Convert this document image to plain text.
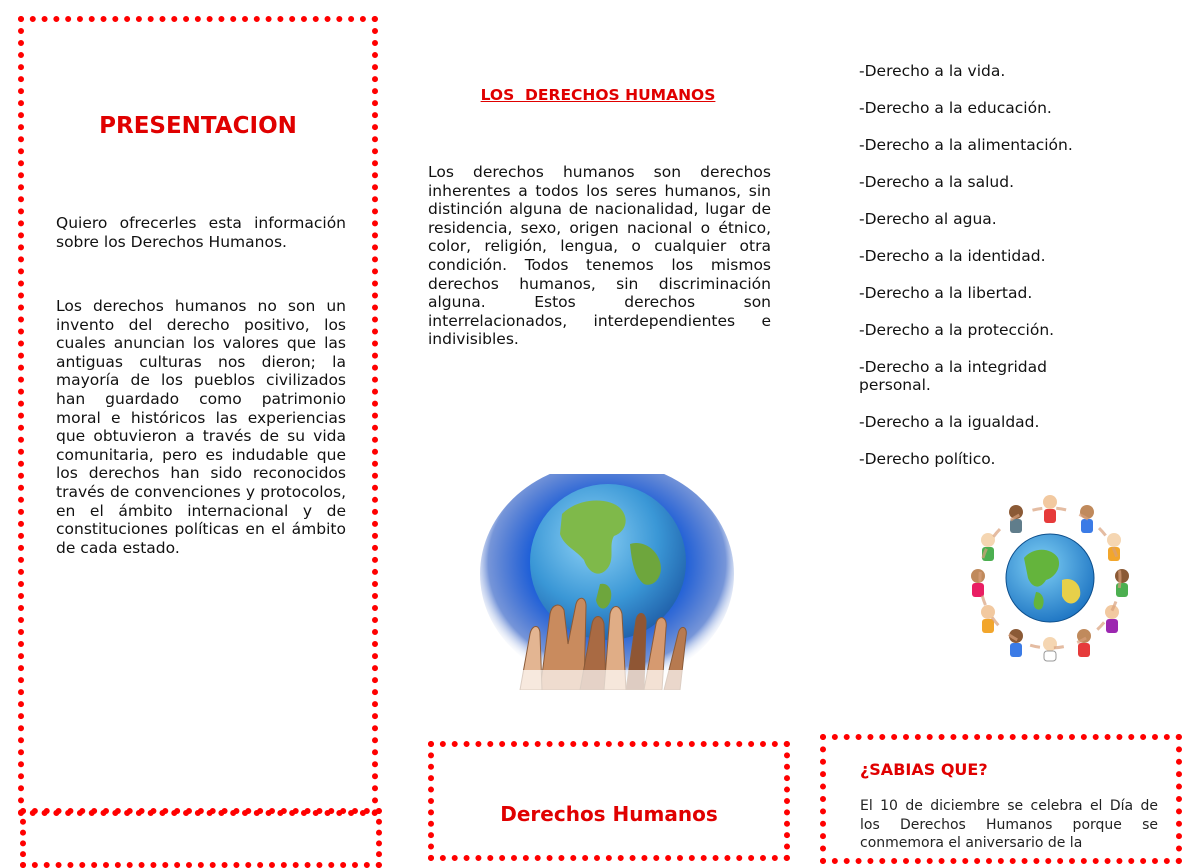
PRESENTACION

Quiero ofrecerles esta información sobre los Derechos Humanos.

Los derechos humanos no son un invento del derecho positivo, los cuales anuncian los valores que las antiguas culturas nos dieron; la mayoría de los pueblos civilizados han guardado como patrimonio moral e históricos las experiencias que obtuvieron a través de su vida comunitaria, pero es indudable que los derechos han sido reconocidos través de convenciones y protocolos, en el ámbito internacional y de constituciones políticas en el ámbito de cada estado.

LOS  DERECHOS HUMANOS

Los derechos humanos son derechos inherentes a todos los seres humanos, sin distinción alguna de nacionalidad, lugar de residencia, sexo, origen nacional o étnico, color, religión, lengua, o cualquier otra condición. Todos tenemos los mismos derechos humanos, sin discriminación alguna. Estos derechos son interrelacionados, interdependientes e indivisibles.

-Derecho a la vida.
-Derecho a la educación.
-Derecho a la alimentación.
-Derecho a la salud.
-Derecho al agua.
-Derecho a la identidad.
-Derecho a la libertad.
-Derecho a la protección.
-Derecho a la integridad personal.
-Derecho a la igualdad.
-Derecho político.
Derechos Humanos
¿SABIAS QUE?

El 10 de diciembre se celebra el Día de los Derechos Humanos porque se conmemora el aniversario de la
